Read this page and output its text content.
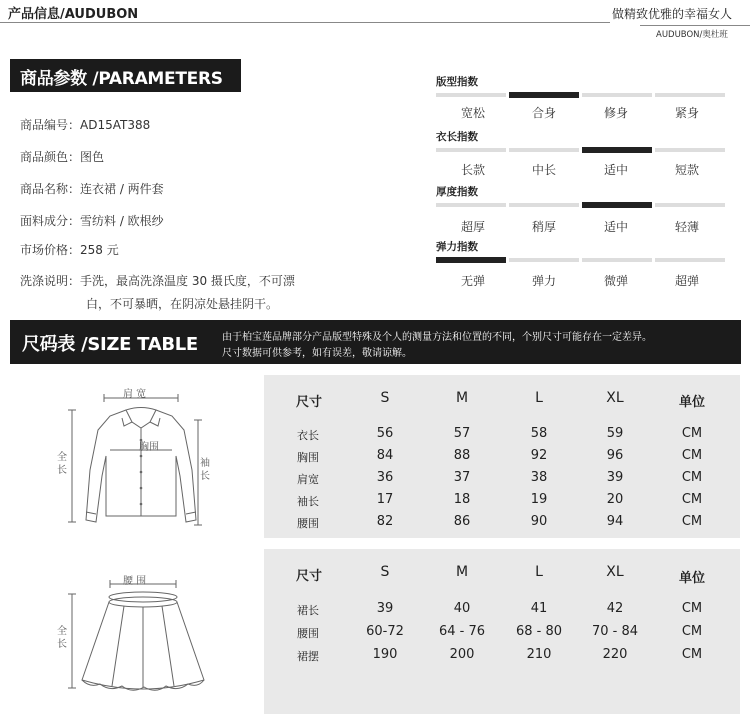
产品信息/AUDUBON	做精致优雅的幸福女人
AUDUBON/奥杜班
商品参数 /PARAMETERS
商品编号：AD15AT388
商品颜色：图色
商品名称：连衣裙 / 两件套
面料成分：雪纺料 / 欧根纱
市场价格：258 元
洗涤说明：手洗，最高洗涤温度 30 摄氏度，不可漂
白，不可暴晒，在阴凉处悬挂阴干。
版型指数
宽松	合身	修身	紧身
衣长指数
长款	中长	适中	短款
厚度指数
超厚	稍厚	适中	轻薄
弹力指数
无弹	弹力	微弹	超弹
尺码表 /SIZE TABLE 由于柏宝莲品牌部分产品版型特殊及个人的测量方法和位置的不同，个别尺寸可能存在一定差异。
尺寸数据可供参考，如有误差，敬请谅解。
肩 宽
胸围
全长
袖长
腰 围
全长
尺寸	S	M	L	XL	单位
衣长	56	57	58	59	CM
胸围	84	88	92	96	CM
肩宽	36	37	38	39	CM
袖长	17	18	19	20	CM
腰围	82	86	90	94	CM
尺寸	S	M	L	XL	单位
裙长	39	40	41	42	CM
腰围	60-72	64 - 76	68 - 80	70 - 84	CM
裙摆	190	200	210	220	CM
